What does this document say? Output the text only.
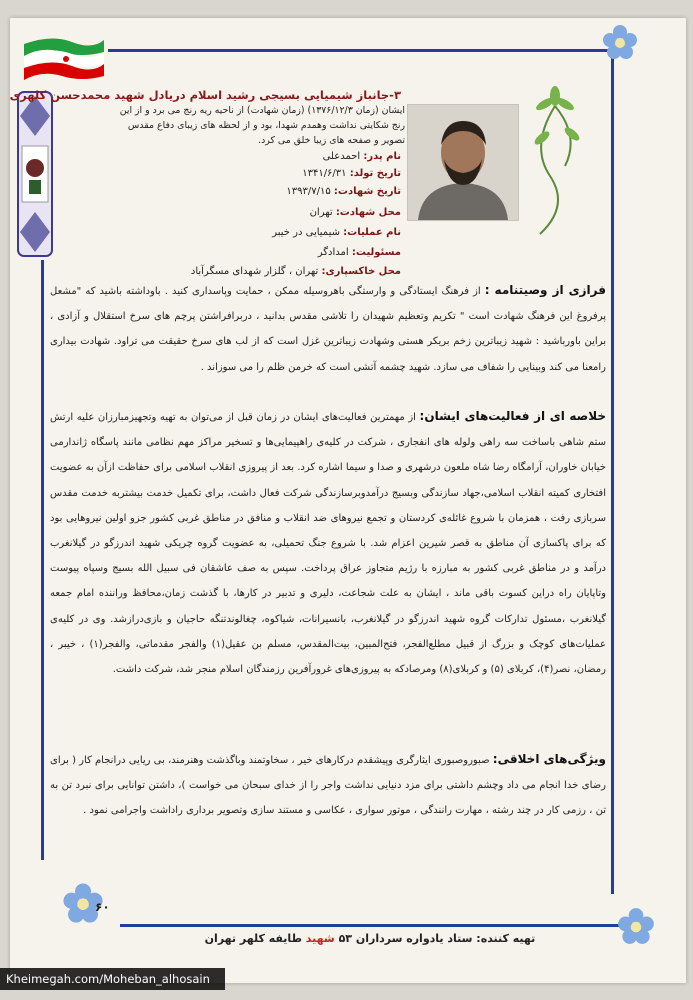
۳-جانباز شیمیایی بسیجی رشید اسلام دریادل شهید محمدحسن کلهری
ایشان (زمان ۱۳۷۶/۱۲/۳) (زمان شهادت) از ناحیه ریه رنج می برد و از این رنج شکایتی نداشت وهمدم شهدا، بود و از لحظه های زیبای دفاع مقدس تصویر و صفحه های زیبا خلق می کرد.
نام پدر: احمدعلی
تاریخ تولد: ۱۳۴۱/۶/۳۱
تاریخ شهادت: ۱۳۹۳/۷/۱۵
محل شهادت: تهران
نام عملیات: شیمیایی در خیبر
مسئولیت: امدادگر
محل خاکسپاری: تهران ، گلزار شهدای مسگرآباد
فرازی از وصیتنامه : از فرهنگ ایستادگی و وارستگی باهروسیله ممکن ، حمایت وپاسداری کنید . باوداشته باشید که "مشعل پرفروغ این فرهنگ شهادت است " تکریم وتعظیم شهیدان را تلاشی مقدس بدانید ، دربرافراشتن پرچم های سرخ استقلال و آزادی ، براین باورباشید : شهید زیباترین زخم بریکر هستی وشهادت زیباترین غزل است که از لب های سرخ حقیقت می تراود. شهادت بیداری رامعنا می کند وبینایی را شفاف می سازد. شهید چشمه آتشی است که خرمن ظلم را می سوزاند .
خلاصه ای از فعالیت‌های ایشان: از مهمترین فعالیت‌های ایشان در زمان قبل از می‌توان به تهیه وتجهیزمبارزان علیه ارتش ستم شاهی باساخت سه راهی ولوله های انفجاری ، شرکت در کلیه‌ی راهپیمایی‌ها و تسخیر مراکز مهم نظامی مانند پاسگاه ژاندارمی خیابان خاوران، آرامگاه رضا شاه ملعون درشهری و صدا و سیما اشاره کرد. بعد از پیروزی انقلاب اسلامی برای حفاظت ازآن به عضویت افتخاری کمیته انقلاب اسلامی،جهاد سازندگی وبسیج درآمدوبرسازندگی شرکت فعال داشت، برای تکمیل خدمت بیشتربه خدمت مقدس سربازی رفت ، همزمان با شروع غائله‌ی کردستان و تجمع نیروهای ضد انقلاب و منافق در مناطق غربی کشور جزو اولین نیروهایی بود که برای پاکسازی آن مناطق به قصر شیرین اعزام شد. با شروع جنگ تحمیلی، به عضویت گروه چریکی شهید اندرزگو در گیلانغرب درآمد و در مناطق غربی کشور به مبارزه با رژیم متجاوز عراق پرداخت. سپس به صف عاشقان فی سبیل الله بسیج وسپاه پیوست وتاپایان راه دراین کسوت باقی ماند ، ایشان به علت شجاعت، دلیری و تدبیر در کارها، با گذشت زمان،محافظ وراننده امام جمعه گیلانغرب ،مسئول تدارکات گروه شهید اندرزگو در گیلانغرب، بانسیرانات، شیاکوه، چغالوندتنگه حاجیان و بازی‌درازشد. وی در کلیه‌ی عملیات‌های کوچک و بزرگ از قبیل مطلع‌الفجر، فتح‌المبین، بیت‌المقدس، مسلم بن عقیل(۱) والفجر مقدماتی، والفجر(۱) ، خیبر ، رمضان، نصر(۴)، کربلای (۵) و کربلای(۸) ومرصادکه به پیروزی‌های غرورآفرین رزمندگان اسلام منجر شد، شرکت داشت.
ویژگی‌های اخلاقی: صبوروصبوری ایثارگری وپیشقدم درکارهای خیر ، سخاوتمند وباگذشت وهنرمند، بی ریایی درانجام کار ( برای رضای خدا انجام می داد وچشم داشتی برای مزد دنیایی نداشت واجر را از خدای سبحان می خواست )، داشتن توانایی برای نبرد تن به تن ، رزمی کار در چند رشته ، مهارت رانندگی ، موتور سواری ، عکاسی و مستند سازی وتصویر برداری راداشت واجرامی نمود .
۶۰
تهیه کننده: ستاد یادواره سرداران ۵۳ شهید طایفه کلهر تهران
Kheimegah.com/Moheban_alhosain
